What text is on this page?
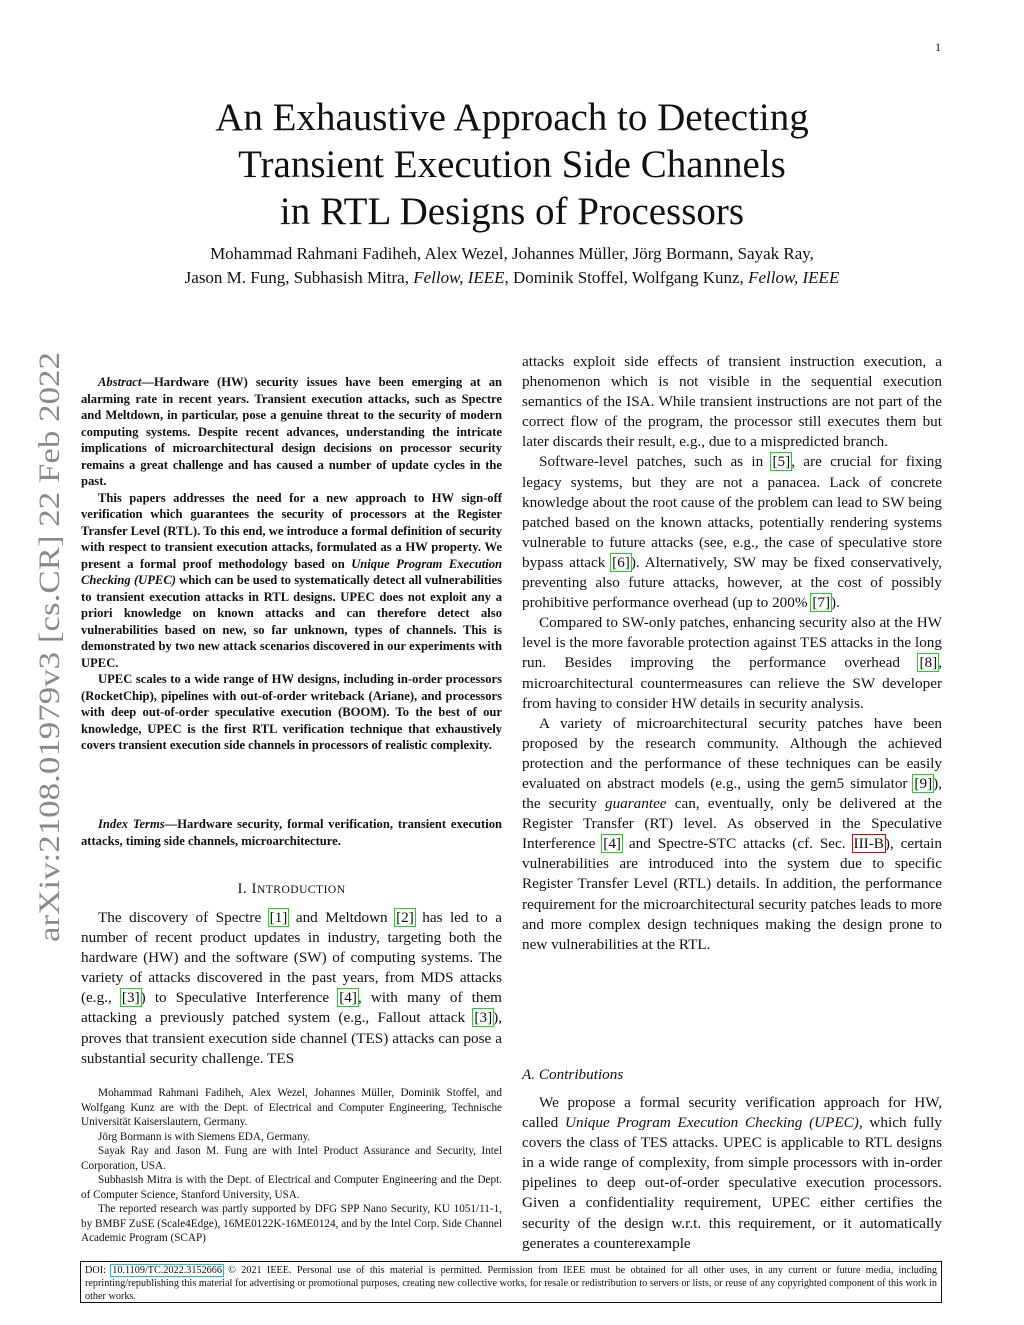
1
arXiv:2108.01979v3 [cs.CR] 22 Feb 2022
An Exhaustive Approach to Detecting
Transient Execution Side Channels
in RTL Designs of Processors
Mohammad Rahmani Fadiheh, Alex Wezel, Johannes Müller, Jörg Bormann, Sayak Ray,
Jason M. Fung, Subhasish Mitra, Fellow, IEEE, Dominik Stoffel, Wolfgang Kunz, Fellow, IEEE

Abstract—Hardware (HW) security issues have been emerging at an alarming rate in recent years. Transient execution attacks, such as Spectre and Meltdown, in particular, pose a genuine threat to the security of modern computing systems. Despite recent advances, understanding the intricate implications of microarchitectural design decisions on processor security remains a great challenge and has caused a number of update cycles in the past.

This papers addresses the need for a new approach to HW sign-off verification which guarantees the security of processors at the Register Transfer Level (RTL). To this end, we introduce a formal definition of security with respect to transient execution attacks, formulated as a HW property. We present a formal proof methodology based on Unique Program Execution Checking (UPEC) which can be used to systematically detect all vulnerabilities to transient execution attacks in RTL designs. UPEC does not exploit any a priori knowledge on known attacks and can therefore detect also vulnerabilities based on new, so far unknown, types of channels. This is demonstrated by two new attack scenarios discovered in our experiments with UPEC.

UPEC scales to a wide range of HW designs, including in-order processors (RocketChip), pipelines with out-of-order writeback (Ariane), and processors with deep out-of-order speculative execution (BOOM). To the best of our knowledge, UPEC is the first RTL verification technique that exhaustively covers transient execution side channels in processors of realistic complexity.

Index Terms—Hardware security, formal verification, transient execution attacks, timing side channels, microarchitecture.
I. INTRODUCTION

The discovery of Spectre [1] and Meltdown [2] has led to a number of recent product updates in industry, targeting both the hardware (HW) and the software (SW) of computing systems. The variety of attacks discovered in the past years, from MDS attacks (e.g., [3]) to Speculative Interference [4], with many of them attacking a previously patched system (e.g., Fallout attack [3]), proves that transient execution side channel (TES) attacks can pose a substantial security challenge. TES

Mohammad Rahmani Fadiheh, Alex Wezel, Johannes Müller, Dominik Stoffel, and Wolfgang Kunz are with the Dept. of Electrical and Computer Engineering, Technische Universität Kaiserslautern, Germany.

Jörg Bormann is with Siemens EDA, Germany.

Sayak Ray and Jason M. Fung are with Intel Product Assurance and Security, Intel Corporation, USA.

Subhasish Mitra is with the Dept. of Electrical and Computer Engineering and the Dept. of Computer Science, Stanford University, USA.

The reported research was partly supported by DFG SPP Nano Security, KU 1051/11-1, by BMBF ZuSE (Scale4Edge), 16ME0122K-16ME0124, and by the Intel Corp. Side Channel Academic Program (SCAP)

attacks exploit side effects of transient instruction execution, a phenomenon which is not visible in the sequential execution semantics of the ISA. While transient instructions are not part of the correct flow of the program, the processor still executes them but later discards their result, e.g., due to a mispredicted branch.

Software-level patches, such as in [5], are crucial for fixing legacy systems, but they are not a panacea. Lack of concrete knowledge about the root cause of the problem can lead to SW being patched based on the known attacks, potentially rendering systems vulnerable to future attacks (see, e.g., the case of speculative store bypass attack [6]). Alternatively, SW may be fixed conservatively, preventing also future attacks, however, at the cost of possibly prohibitive performance overhead (up to 200% [7]).

Compared to SW-only patches, enhancing security also at the HW level is the more favorable protection against TES attacks in the long run. Besides improving the performance overhead [8], microarchitectural countermeasures can relieve the SW developer from having to consider HW details in security analysis.

A variety of microarchitectural security patches have been proposed by the research community. Although the achieved protection and the performance of these techniques can be easily evaluated on abstract models (e.g., using the gem5 simulator [9]), the security guarantee can, eventually, only be delivered at the Register Transfer (RT) level. As observed in the Speculative Interference [4] and Spectre-STC attacks (cf. Sec. III-B), certain vulnerabilities are introduced into the system due to specific Register Transfer Level (RTL) details. In addition, the performance requirement for the microarchitectural security patches leads to more and more complex design techniques making the design prone to new vulnerabilities at the RTL.

A. Contributions

We propose a formal security verification approach for HW, called Unique Program Execution Checking (UPEC), which fully covers the class of TES attacks. UPEC is applicable to RTL designs in a wide range of complexity, from simple processors with in-order pipelines to deep out-of-order speculative execution processors. Given a confidentiality requirement, UPEC either certifies the security of the design w.r.t. this requirement, or it automatically generates a counterexample

DOI: 10.1109/TC.2022.3152666 © 2021 IEEE. Personal use of this material is permitted. Permission from IEEE must be obtained for all other uses, in any current or future media, including reprinting/republishing this material for advertising or promotional purposes, creating new collective works, for resale or redistribution to servers or lists, or reuse of any copyrighted component of this work in other works.
